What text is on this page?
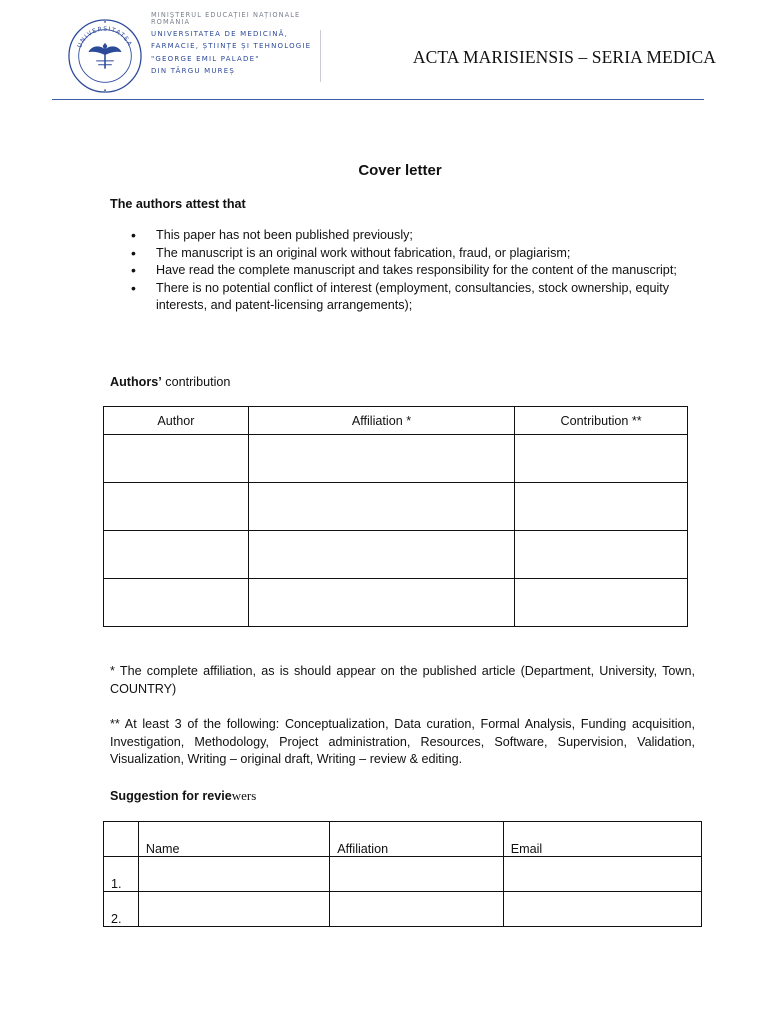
UNIVERSITATEA
MINISTERUL EDUCAȚIEI NAȚIONALE
ROMÂNIA
UNIVERSITATEA DE MEDICINĂ,
FARMACIE, ȘTIINȚE ȘI TEHNOLOGIE
"GEORGE EMIL PALADE"
DIN TÂRGU MUREȘ
ACTA MARISIENSIS – SERIA MEDICA
Cover letter
The authors attest that
• This paper has not been published previously;
• The manuscript is an original work without fabrication, fraud, or plagiarism;
• Have read the complete manuscript and takes responsibility for the content of the manuscript;
• There is no potential conflict of interest (employment, consultancies, stock ownership, equity interests, and patent-licensing arrangements);
Authors’ contribution
Author	Affiliation *	Contribution **

* The complete affiliation, as is should appear on the published article (Department, University, Town, COUNTRY)
** At least 3 of the following: Conceptualization, Data curation, Formal Analysis, Funding acquisition, Investigation, Methodology, Project administration, Resources, Software, Supervision, Validation, Visualization, Writing – original draft, Writing – review & editing.
Suggestion for reviewers
	Name	Affiliation	Email
1.			
2.			
